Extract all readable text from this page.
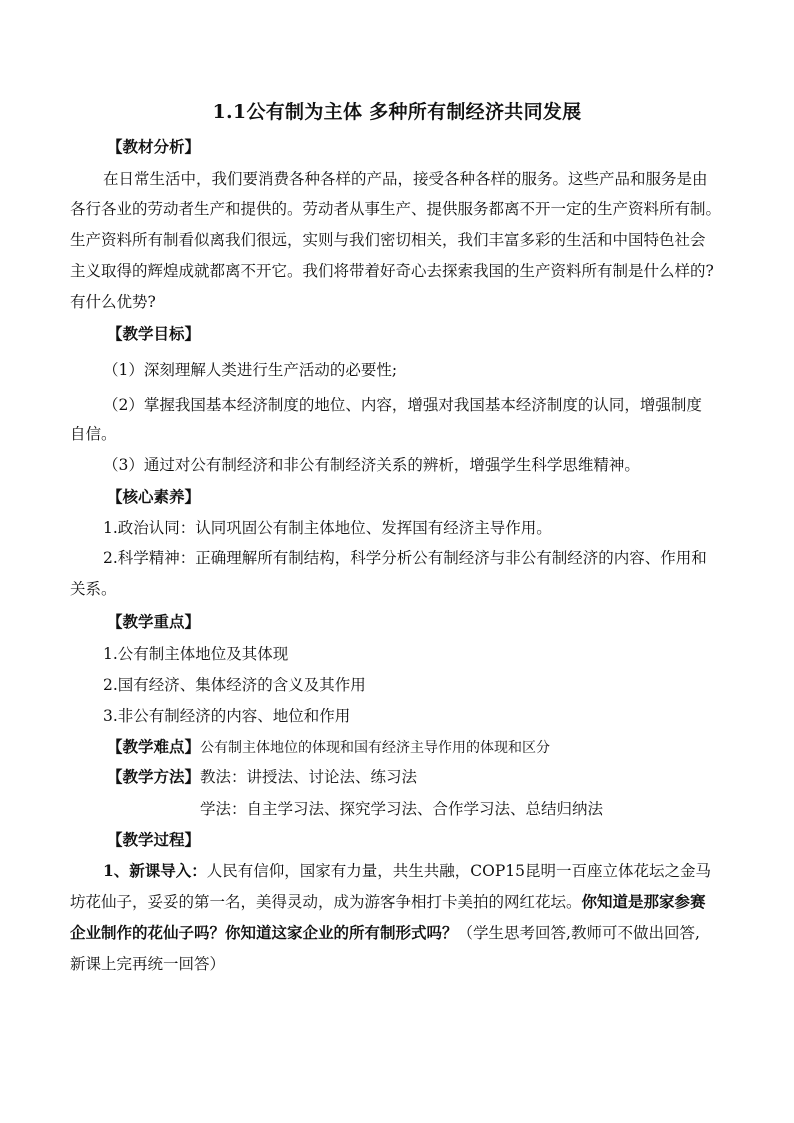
1.1公有制为主体 多种所有制经济共同发展
【教材分析】
在日常生活中，我们要消费各种各样的产品，接受各种各样的服务。这些产品和服务是由
各行各业的劳动者生产和提供的。劳动者从事生产、提供服务都离不开一定的生产资料所有制。
生产资料所有制看似离我们很远，实则与我们密切相关，我们丰富多彩的生活和中国特色社会
主义取得的辉煌成就都离不开它。我们将带着好奇心去探索我国的生产资料所有制是什么样的?
有什么优势?
【教学目标】
（1）深刻理解人类进行生产活动的必要性;
（2）掌握我国基本经济制度的地位、内容，增强对我国基本经济制度的认同，增强制度
自信。
（3）通过对公有制经济和非公有制经济关系的辨析，增强学生科学思维精神。
【核心素养】
1.政治认同：认同巩固公有制主体地位、发挥国有经济主导作用。
2.科学精神：正确理解所有制结构，科学分析公有制经济与非公有制经济的内容、作用和
关系。
【教学重点】
1.公有制主体地位及其体现
2.国有经济、集体经济的含义及其作用
3.非公有制经济的内容、地位和作用
【教学难点】公有制主体地位的体现和国有经济主导作用的体现和区分
【教学方法】教法：讲授法、讨论法、练习法
学法：自主学习法、探究学习法、合作学习法、总结归纳法
【教学过程】
1、新课导入：人民有信仰，国家有力量，共生共融，COP15昆明一百座立体花坛之金马
坊花仙子，妥妥的第一名，美得灵动，成为游客争相打卡美拍的网红花坛。你知道是那家参赛
企业制作的花仙子吗？你知道这家企业的所有制形式吗？（学生思考回答,教师可不做出回答,
新课上完再统一回答）
